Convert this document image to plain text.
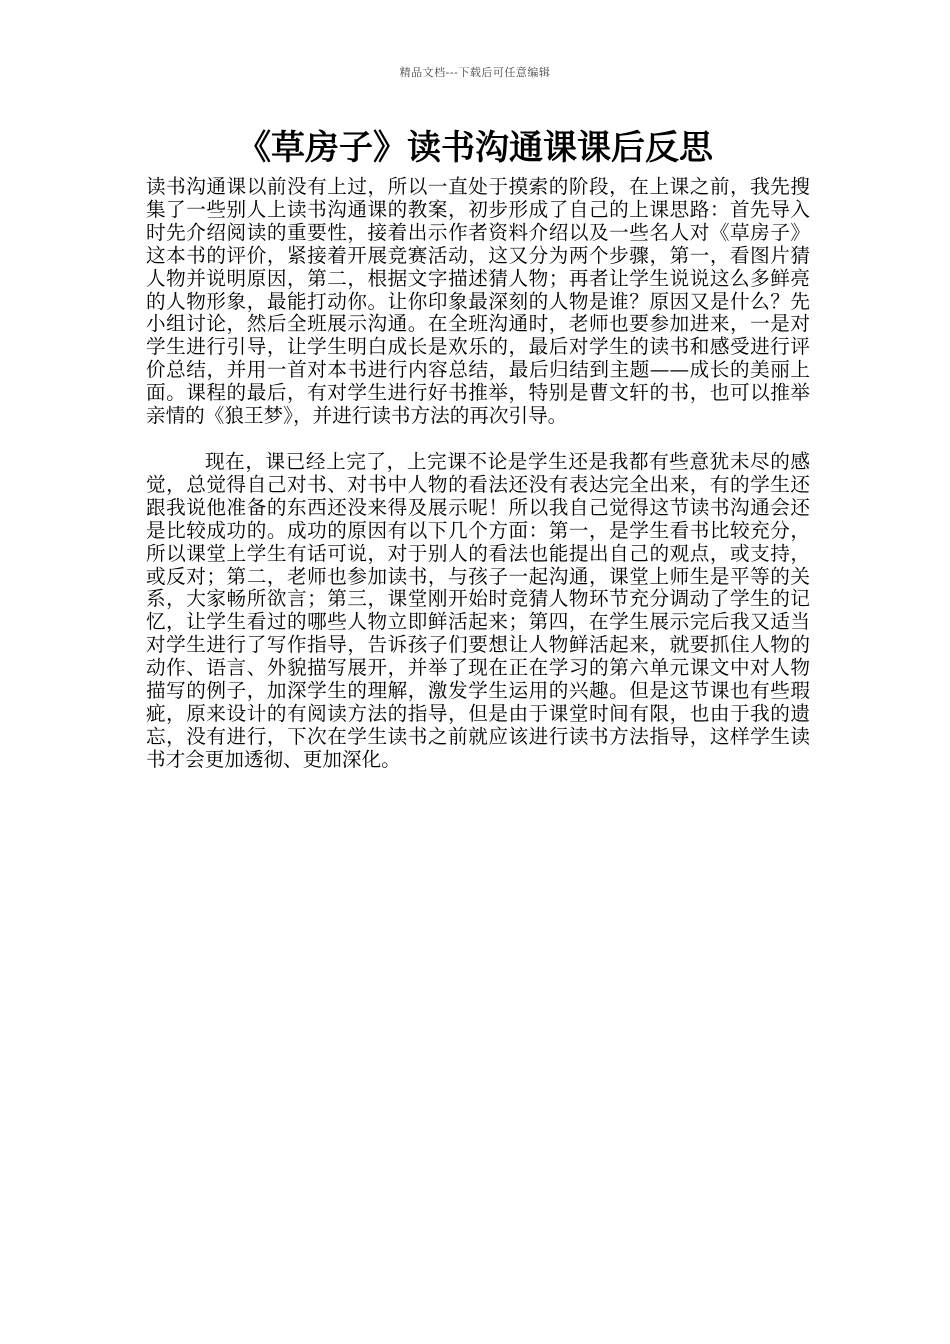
精品文档---下载后可任意编辑
《草房子》读书沟通课课后反思

读书沟通课以前没有上过，所以一直处于摸索的阶段，在上课之前，我先搜集了一些别人上读书沟通课的教案，初步形成了自己的上课思路：首先导入时先介绍阅读的重要性，接着出示作者资料介绍以及一些名人对《草房子》这本书的评价，紧接着开展竞赛活动，这又分为两个步骤，第一，看图片猜人物并说明原因，第二，根据文字描述猜人物；再者让学生说说这么多鲜亮的人物形象，最能打动你。让你印象最深刻的人物是谁？原因又是什么？先小组讨论，然后全班展示沟通。在全班沟通时，老师也要参加进来，一是对学生进行引导，让学生明白成长是欢乐的，最后对学生的读书和感受进行评价总结，并用一首对本书进行内容总结，最后归结到主题——成长的美丽上面。课程的最后，有对学生进行好书推举，特别是曹文轩的书，也可以推举亲情的《狼王梦》，并进行读书方法的再次引导。

现在，课已经上完了，上完课不论是学生还是我都有些意犹未尽的感觉，总觉得自己对书、对书中人物的看法还没有表达完全出来，有的学生还跟我说他准备的东西还没来得及展示呢！所以我自己觉得这节读书沟通会还是比较成功的。成功的原因有以下几个方面：第一，是学生看书比较充分，所以课堂上学生有话可说，对于别人的看法也能提出自己的观点，或支持，或反对；第二，老师也参加读书，与孩子一起沟通，课堂上师生是平等的关系，大家畅所欲言；第三，课堂刚开始时竞猜人物环节充分调动了学生的记忆，让学生看过的哪些人物立即鲜活起来；第四，在学生展示完后我又适当对学生进行了写作指导，告诉孩子们要想让人物鲜活起来，就要抓住人物的动作、语言、外貌描写展开，并举了现在正在学习的第六单元课文中对人物描写的例子，加深学生的理解，激发学生运用的兴趣。但是这节课也有些瑕疵，原来设计的有阅读方法的指导，但是由于课堂时间有限，也由于我的遗忘，没有进行，下次在学生读书之前就应该进行读书方法指导，这样学生读书才会更加透彻、更加深化。
